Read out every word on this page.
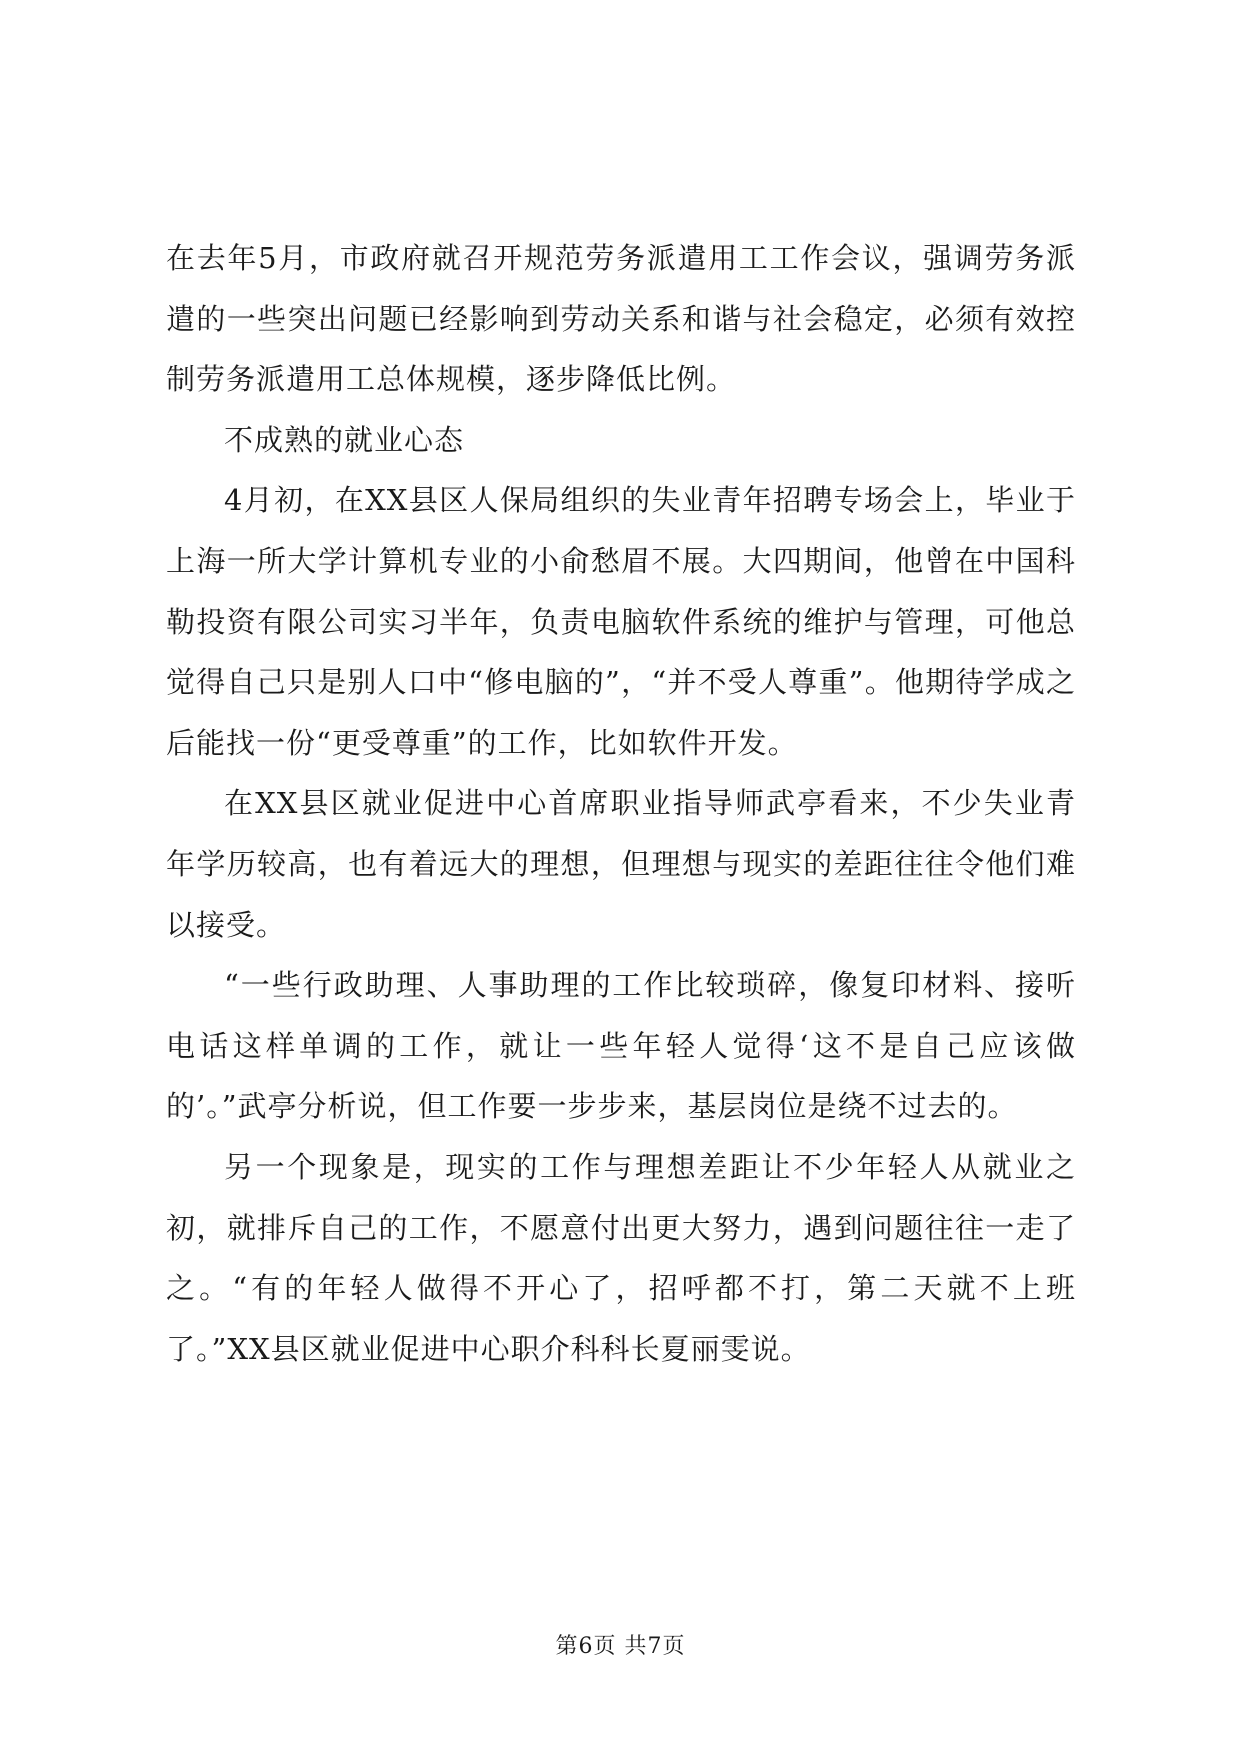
在去年5月，市政府就召开规范劳务派遣用工工作会议，强调劳务派遣的一些突出问题已经影响到劳动关系和谐与社会稳定，必须有效控制劳务派遣用工总体规模，逐步降低比例。

不成熟的就业心态

4月初，在XX县区人保局组织的失业青年招聘专场会上，毕业于上海一所大学计算机专业的小俞愁眉不展。大四期间，他曾在中国科勒投资有限公司实习半年，负责电脑软件系统的维护与管理，可他总觉得自己只是别人口中“修电脑的”，“并不受人尊重”。他期待学成之后能找一份“更受尊重”的工作，比如软件开发。

在XX县区就业促进中心首席职业指导师武亭看来，不少失业青年学历较高，也有着远大的理想，但理想与现实的差距往往令他们难以接受。

“一些行政助理、人事助理的工作比较琐碎，像复印材料、接听电话这样单调的工作，就让一些年轻人觉得‘这不是自己应该做的’。”武亭分析说，但工作要一步步来，基层岗位是绕不过去的。

另一个现象是，现实的工作与理想差距让不少年轻人从就业之初，就排斥自己的工作，不愿意付出更大努力，遇到问题往往一走了之。“有的年轻人做得不开心了，招呼都不打，第二天就不上班了。”XX县区就业促进中心职介科科长夏丽雯说。

第6页 共7页
